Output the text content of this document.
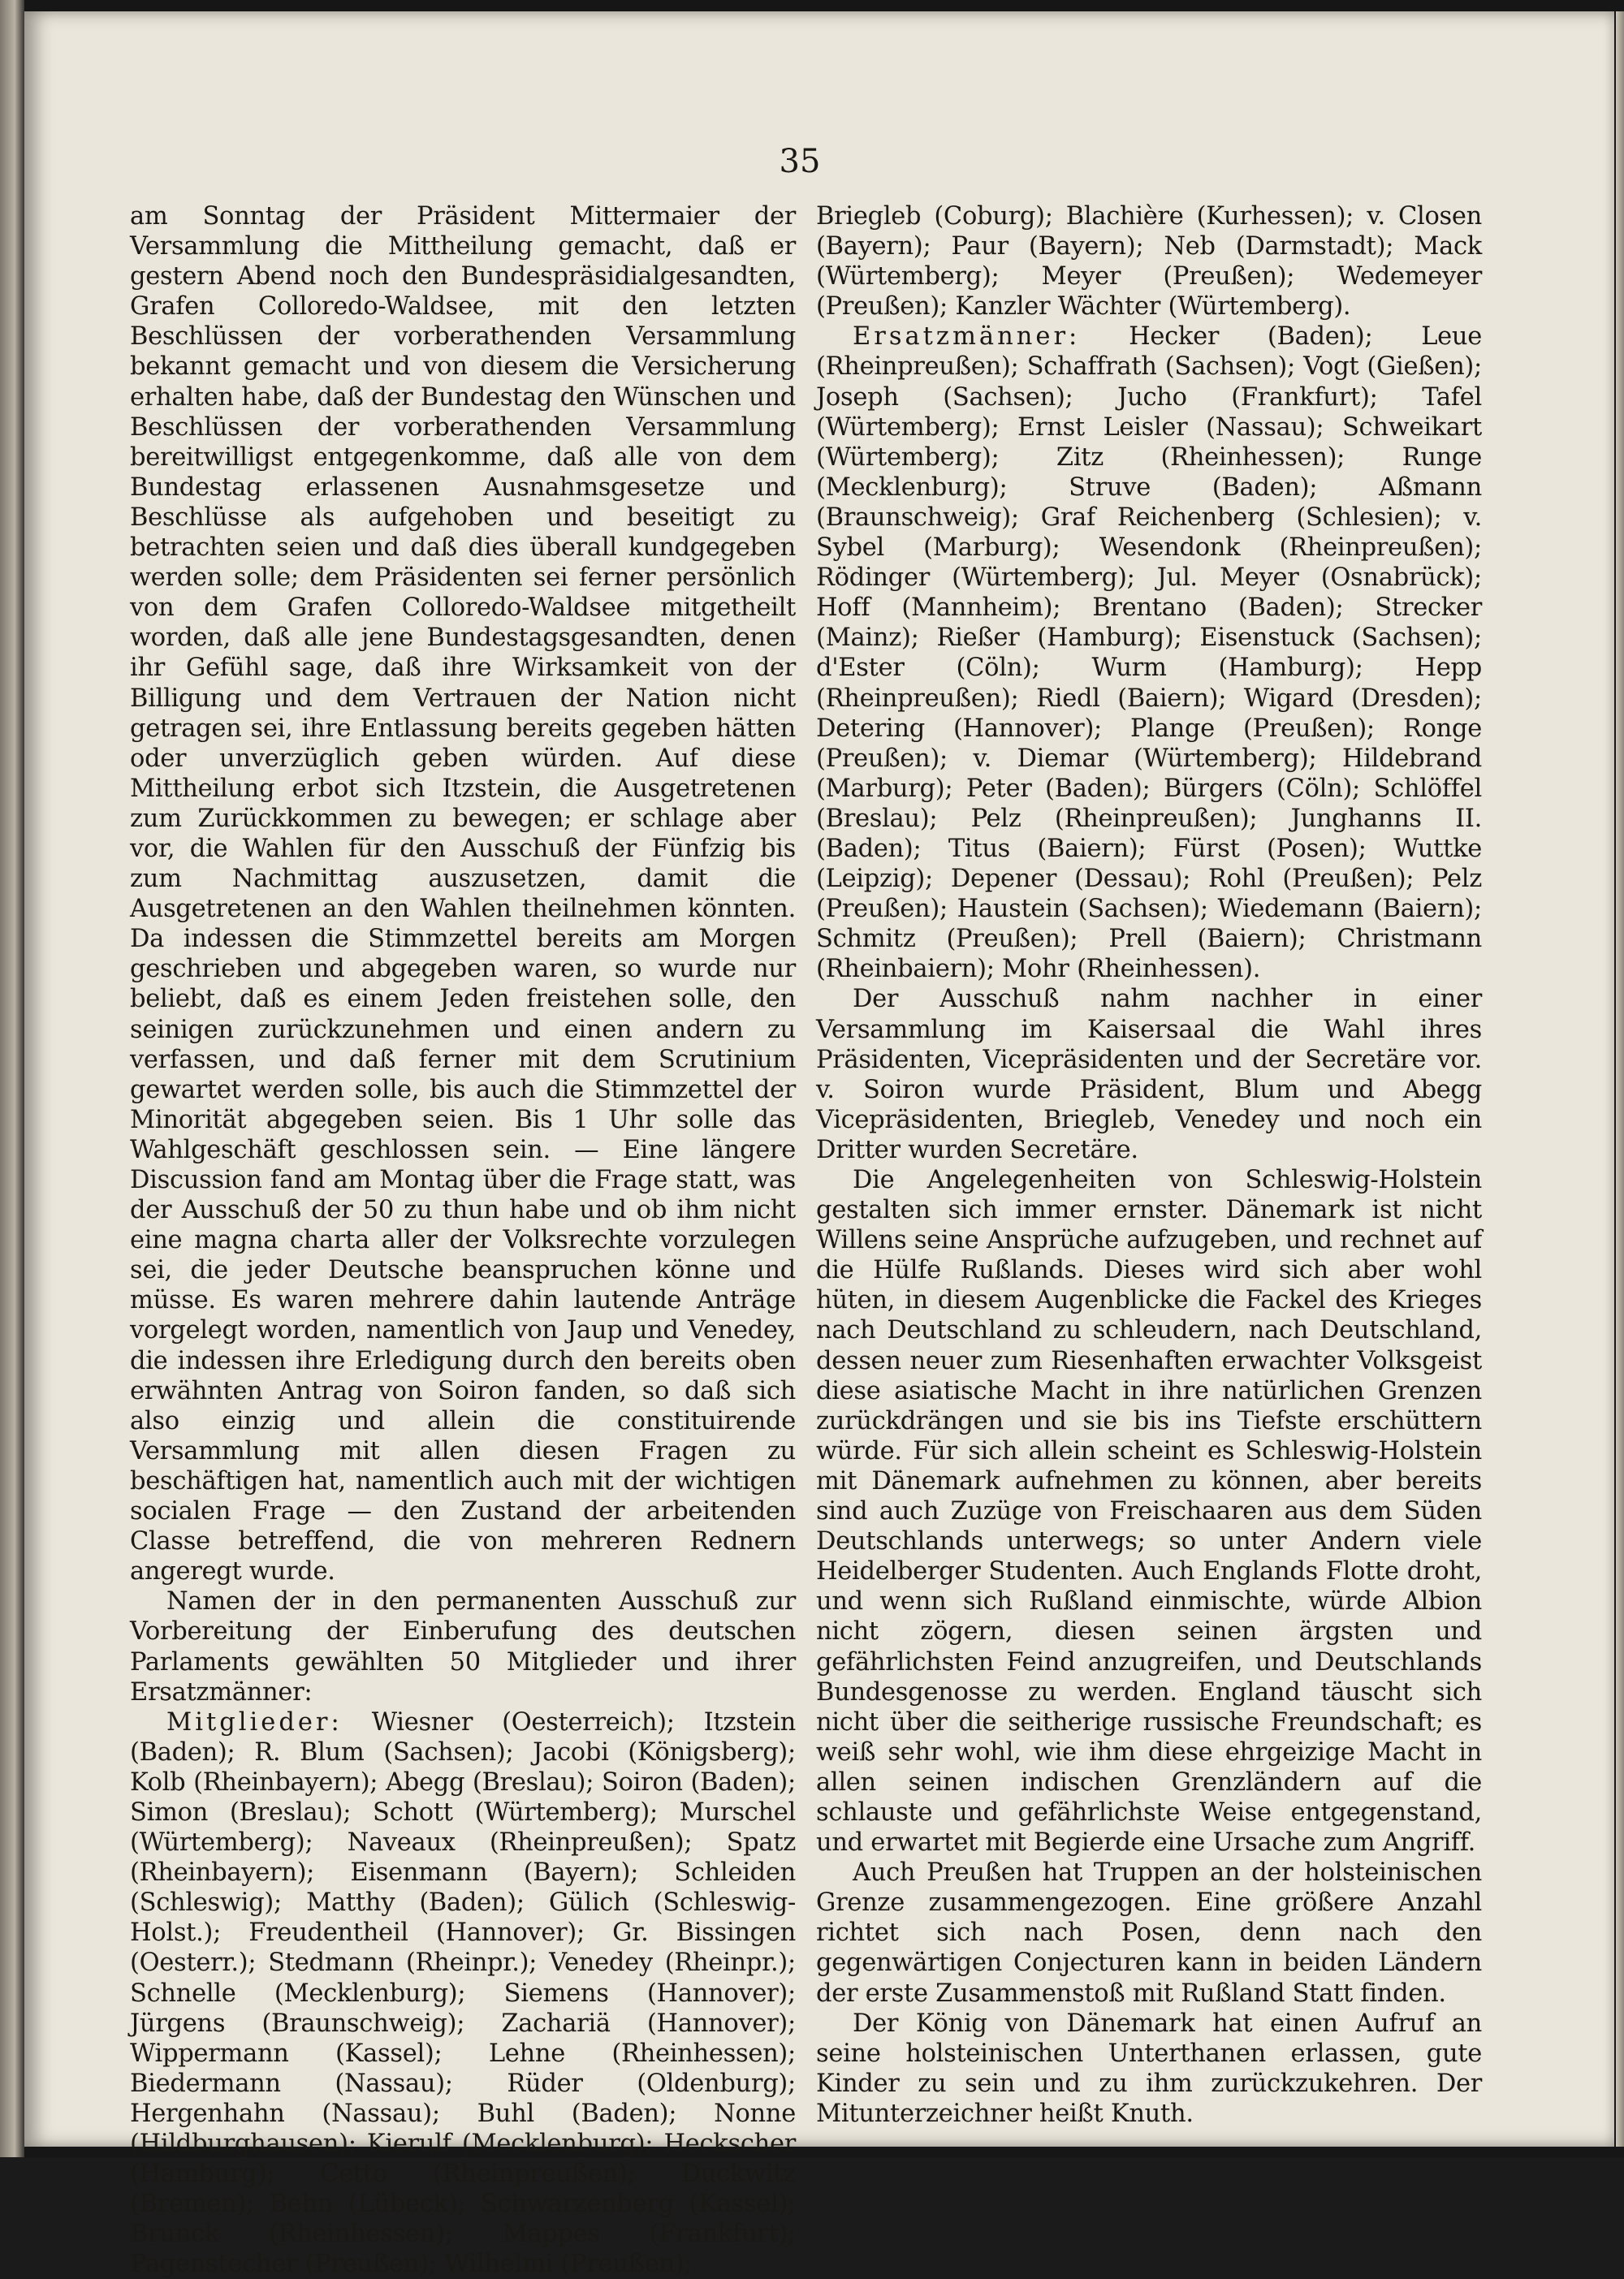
35

am Sonntag der Präsident Mittermaier der Versammlung die Mittheilung gemacht, daß er gestern Abend noch den Bundespräsidialgesandten, Grafen Colloredo-Waldsee, mit den letzten Beschlüssen der vorberathenden Versammlung bekannt gemacht und von diesem die Versicherung erhalten habe, daß der Bundestag den Wünschen und Beschlüssen der vorberathenden Versammlung bereitwilligst entgegenkomme, daß alle von dem Bundestag erlassenen Ausnahmsgesetze und Beschlüsse als aufgehoben und beseitigt zu betrachten seien und daß dies überall kundgegeben werden solle; dem Präsidenten sei ferner persönlich von dem Grafen Colloredo-Waldsee mitgetheilt worden, daß alle jene Bundestagsgesandten, denen ihr Gefühl sage, daß ihre Wirksamkeit von der Billigung und dem Vertrauen der Nation nicht getragen sei, ihre Entlassung bereits gegeben hätten oder unverzüglich geben würden. Auf diese Mittheilung erbot sich Itzstein, die Ausgetretenen zum Zurückkommen zu bewegen; er schlage aber vor, die Wahlen für den Ausschuß der Fünfzig bis zum Nachmittag auszusetzen, damit die Ausgetretenen an den Wahlen theilnehmen könnten. Da indessen die Stimmzettel bereits am Morgen geschrieben und abgegeben waren, so wurde nur beliebt, daß es einem Jeden freistehen solle, den seinigen zurückzunehmen und einen andern zu verfassen, und daß ferner mit dem Scrutinium gewartet werden solle, bis auch die Stimmzettel der Minorität abgegeben seien. Bis 1 Uhr solle das Wahlgeschäft geschlossen sein. — Eine längere Discussion fand am Montag über die Frage statt, was der Ausschuß der 50 zu thun habe und ob ihm nicht eine magna charta aller der Volksrechte vorzulegen sei, die jeder Deutsche beanspruchen könne und müsse. Es waren mehrere dahin lautende Anträge vorgelegt worden, namentlich von Jaup und Venedey, die indessen ihre Erledigung durch den bereits oben erwähnten Antrag von Soiron fanden, so daß sich also einzig und allein die constituirende Versammlung mit allen diesen Fragen zu beschäftigen hat, namentlich auch mit der wichtigen socialen Frage — den Zustand der arbeitenden Classe betreffend, die von mehreren Rednern angeregt wurde.

Namen der in den permanenten Ausschuß zur Vorbereitung der Einberufung des deutschen Parlaments gewählten 50 Mitglieder und ihrer Ersatzmänner:

Mitglieder: Wiesner (Oesterreich); Itzstein (Baden); R. Blum (Sachsen); Jacobi (Königsberg); Kolb (Rheinbayern); Abegg (Breslau); Soiron (Baden); Simon (Breslau); Schott (Würtemberg); Murschel (Würtemberg); Naveaux (Rheinpreußen); Spatz (Rheinbayern); Eisenmann (Bayern); Schleiden (Schleswig); Matthy (Baden); Gülich (Schleswig-Holst.); Freudentheil (Hannover); Gr. Bissingen (Oesterr.); Stedmann (Rheinpr.); Venedey (Rheinpr.); Schnelle (Mecklenburg); Siemens (Hannover); Jürgens (Braunschweig); Zachariä (Hannover); Wippermann (Kassel); Lehne (Rheinhessen); Biedermann (Nassau); Rüder (Oldenburg); Hergenhahn (Nassau); Buhl (Baden); Nonne (Hildburghausen); Kierulf (Mecklenburg); Heckscher (Hamburg); Cetto (Rheinpreußen); Duckwitz (Bremen); Behn (Lübeck); Schwarzenberg (Kassel); Brunck (Rheinhessen); Mappes (Frankfurt); Pagenstecher (Preußen); Wilhelmi (Preußen);

Briegleb (Coburg); Blachière (Kurhessen); v. Closen (Bayern); Paur (Bayern); Neb (Darmstadt); Mack (Würtemberg); Meyer (Preußen); Wedemeyer (Preußen); Kanzler Wächter (Würtemberg).

Ersatzmänner: Hecker (Baden); Leue (Rheinpreußen); Schaffrath (Sachsen); Vogt (Gießen); Joseph (Sachsen); Jucho (Frankfurt); Tafel (Würtemberg); Ernst Leisler (Nassau); Schweikart (Würtemberg); Zitz (Rheinhessen); Runge (Mecklenburg); Struve (Baden); Aßmann (Braunschweig); Graf Reichenberg (Schlesien); v. Sybel (Marburg); Wesendonk (Rheinpreußen); Rödinger (Würtemberg); Jul. Meyer (Osnabrück); Hoff (Mannheim); Brentano (Baden); Strecker (Mainz); Rießer (Hamburg); Eisenstuck (Sachsen); d'Ester (Cöln); Wurm (Hamburg); Hepp (Rheinpreußen); Riedl (Baiern); Wigard (Dresden); Detering (Hannover); Plange (Preußen); Ronge (Preußen); v. Diemar (Würtemberg); Hildebrand (Marburg); Peter (Baden); Bürgers (Cöln); Schlöffel (Breslau); Pelz (Rheinpreußen); Junghanns II. (Baden); Titus (Baiern); Fürst (Posen); Wuttke (Leipzig); Depener (Dessau); Rohl (Preußen); Pelz (Preußen); Haustein (Sachsen); Wiedemann (Baiern); Schmitz (Preußen); Prell (Baiern); Christmann (Rheinbaiern); Mohr (Rheinhessen).

Der Ausschuß nahm nachher in einer Versammlung im Kaisersaal die Wahl ihres Präsidenten, Vicepräsidenten und der Secretäre vor. v. Soiron wurde Präsident, Blum und Abegg Vicepräsidenten, Briegleb, Venedey und noch ein Dritter wurden Secretäre.

Die Angelegenheiten von Schleswig-Holstein gestalten sich immer ernster. Dänemark ist nicht Willens seine Ansprüche aufzugeben, und rechnet auf die Hülfe Rußlands. Dieses wird sich aber wohl hüten, in diesem Augenblicke die Fackel des Krieges nach Deutschland zu schleudern, nach Deutschland, dessen neuer zum Riesenhaften erwachter Volksgeist diese asiatische Macht in ihre natürlichen Grenzen zurückdrängen und sie bis ins Tiefste erschüttern würde. Für sich allein scheint es Schleswig-Holstein mit Dänemark aufnehmen zu können, aber bereits sind auch Zuzüge von Freischaaren aus dem Süden Deutschlands unterwegs; so unter Andern viele Heidelberger Studenten. Auch Englands Flotte droht, und wenn sich Rußland einmischte, würde Albion nicht zögern, diesen seinen ärgsten und gefährlichsten Feind anzugreifen, und Deutschlands Bundesgenosse zu werden. England täuscht sich nicht über die seitherige russische Freundschaft; es weiß sehr wohl, wie ihm diese ehrgeizige Macht in allen seinen indischen Grenzländern auf die schlauste und gefährlichste Weise entgegenstand, und erwartet mit Begierde eine Ursache zum Angriff.

Auch Preußen hat Truppen an der holsteinischen Grenze zusammengezogen. Eine größere Anzahl richtet sich nach Posen, denn nach den gegenwärtigen Conjecturen kann in beiden Ländern der erste Zusammenstoß mit Rußland Statt finden.

Der König von Dänemark hat einen Aufruf an seine holsteinischen Unterthanen erlassen, gute Kinder zu sein und zu ihm zurückzukehren. Der Mitunterzeichner heißt Knuth.
